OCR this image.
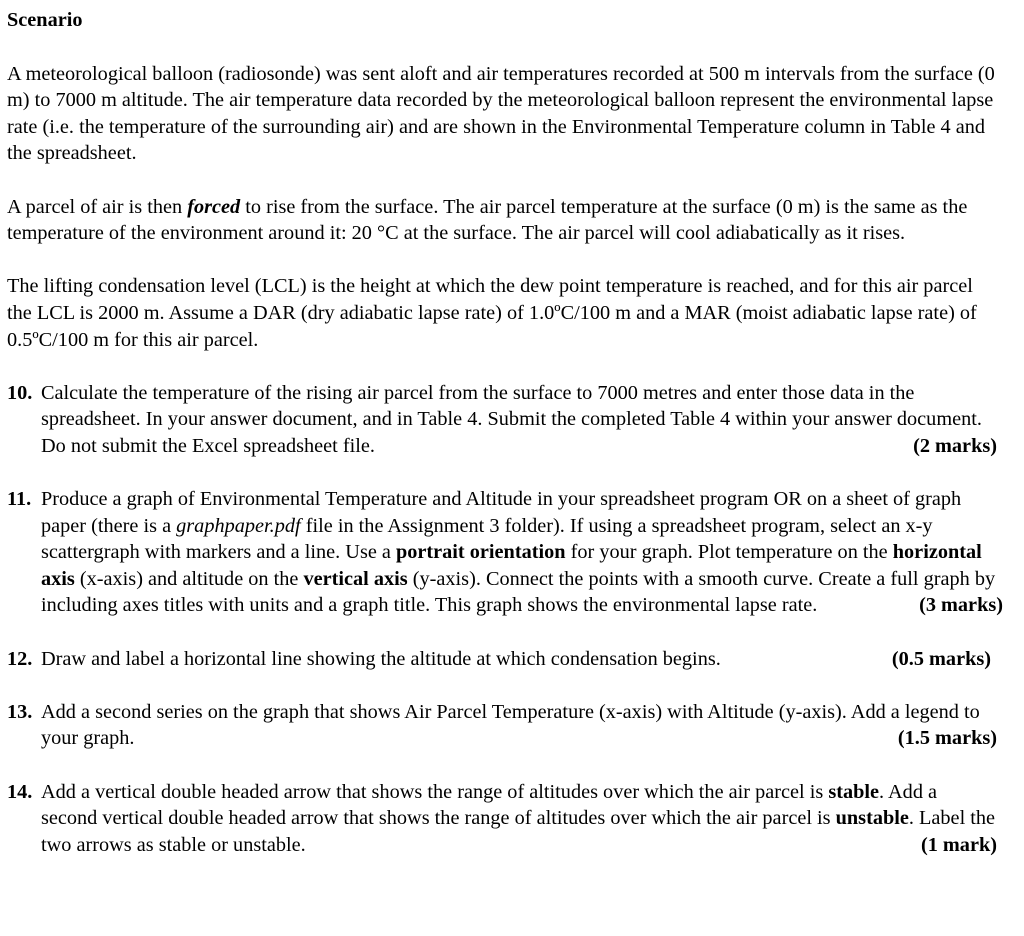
Scenario
A meteorological balloon (radiosonde) was sent aloft and air temperatures recorded at 500 m intervals from the surface (0 m) to 7000 m altitude. The air temperature data recorded by the meteorological balloon represent the environmental lapse rate (i.e. the temperature of the surrounding air) and are shown in the Environmental Temperature column in Table 4 and the spreadsheet.
A parcel of air is then forced to rise from the surface. The air parcel temperature at the surface (0 m) is the same as the temperature of the environment around it: 20 °C at the surface. The air parcel will cool adiabatically as it rises.
The lifting condensation level (LCL) is the height at which the dew point temperature is reached, and for this air parcel the LCL is 2000 m. Assume a DAR (dry adiabatic lapse rate) of 1.0ºC/100 m and a MAR (moist adiabatic lapse rate) of 0.5ºC/100 m for this air parcel.
10. Calculate the temperature of the rising air parcel from the surface to 7000 metres and enter those data in the spreadsheet. In your answer document, and in Table 4. Submit the completed Table 4 within your answer document. Do not submit the Excel spreadsheet file.	(2 marks)
11. Produce a graph of Environmental Temperature and Altitude in your spreadsheet program OR on a sheet of graph paper (there is a graphpaper.pdf file in the Assignment 3 folder). If using a spreadsheet program, select an x-y scattergraph with markers and a line. Use a portrait orientation for your graph. Plot temperature on the horizontal axis (x-axis) and altitude on the vertical axis (y-axis). Connect the points with a smooth curve. Create a full graph by including axes titles with units and a graph title. This graph shows the environmental lapse rate.	(3 marks)
12. Draw and label a horizontal line showing the altitude at which condensation begins.	(0.5 marks)
13. Add a second series on the graph that shows Air Parcel Temperature (x-axis) with Altitude (y-axis). Add a legend to your graph.	(1.5 marks)
14. Add a vertical double headed arrow that shows the range of altitudes over which the air parcel is stable. Add a second vertical double headed arrow that shows the range of altitudes over which the air parcel is unstable. Label the two arrows as stable or unstable.	(1 mark)
